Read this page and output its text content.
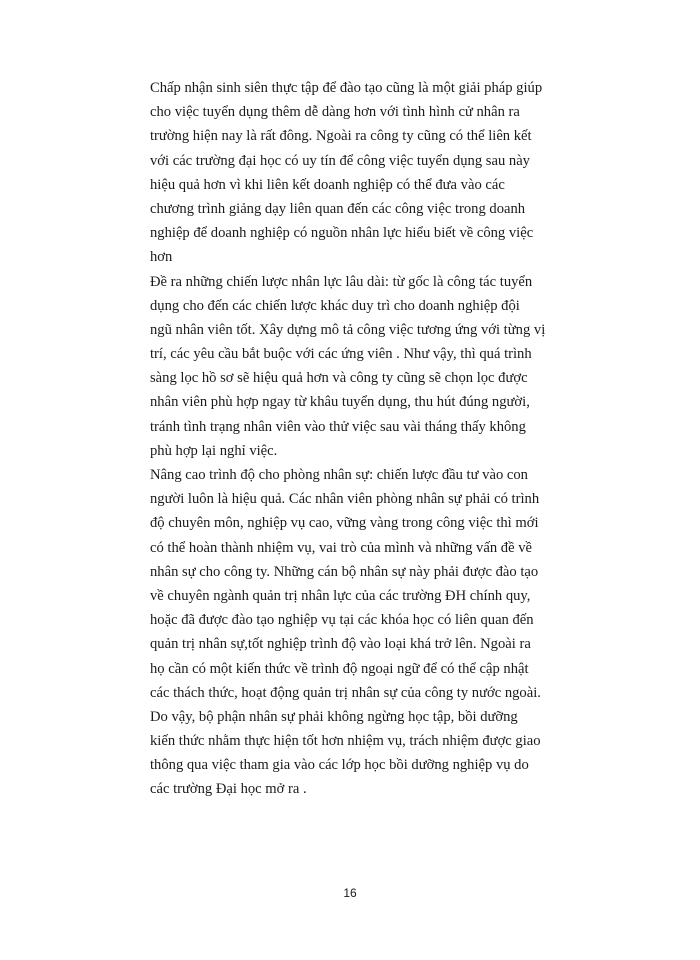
Chấp nhận sinh siên thực tập để đào tạo cũng là một giải pháp giúp
cho việc tuyển dụng thêm dễ dàng hơn với tình hình cử nhân ra
trường hiện nay là rất đông. Ngoài ra công ty cũng có thể liên kết
với các trường đại học có uy tín để công việc tuyển dụng sau này
hiệu quả hơn vì khi liên kết doanh nghiệp có thể đưa vào các
chương trình giảng dạy liên quan đến các công việc trong doanh
nghiệp để doanh nghiệp có nguồn nhân lực hiểu biết về công việc
hơn
Đề ra những chiến lược nhân lực lâu dài: từ gốc là công tác tuyển
dụng cho đến các chiến lược khác duy trì cho doanh nghiệp đội
ngũ nhân viên tốt. Xây dựng mô tả công việc tương ứng với từng vị
trí, các yêu cầu bắt buộc với các ứng viên . Như vậy, thì quá trình
sàng lọc hồ sơ sẽ hiệu quả hơn và công ty cũng sẽ chọn lọc được
nhân viên phù hợp ngay từ khâu tuyển dụng, thu hút đúng người,
tránh tình trạng nhân viên vào thử việc sau vài tháng thấy không
phù hợp lại nghỉ việc.
Nâng cao trình độ cho phòng nhân sự: chiến lược đầu tư vào con
người luôn là hiệu quả. Các nhân viên phòng nhân sự phải có trình
độ chuyên môn, nghiệp vụ cao, vững vàng trong công việc thì mới
có thể hoàn thành nhiệm vụ, vai trò của mình và những vấn đề về
nhân sự cho công ty. Những cán bộ nhân sự này phải được đào tạo
về chuyên ngành quản trị nhân lực của các trường ĐH chính quy,
hoặc đã được đào tạo nghiệp vụ tại các khóa học có liên quan đến
quản trị nhân sự,tốt nghiệp trình độ vào loại khá trở lên. Ngoài ra
họ cần có một kiến thức về trình độ ngoại ngữ để có thể cập nhật
các thách thức, hoạt động quản trị nhân sự của công ty nước ngoài.
Do vậy, bộ phận nhân sự phải không ngừng học tập, bồi dưỡng
kiến thức nhằm thực hiện tốt hơn nhiệm vụ, trách nhiệm được giao
thông qua việc tham gia vào các lớp học bồi dưỡng nghiệp vụ do
các trường Đại học mở ra .
16
